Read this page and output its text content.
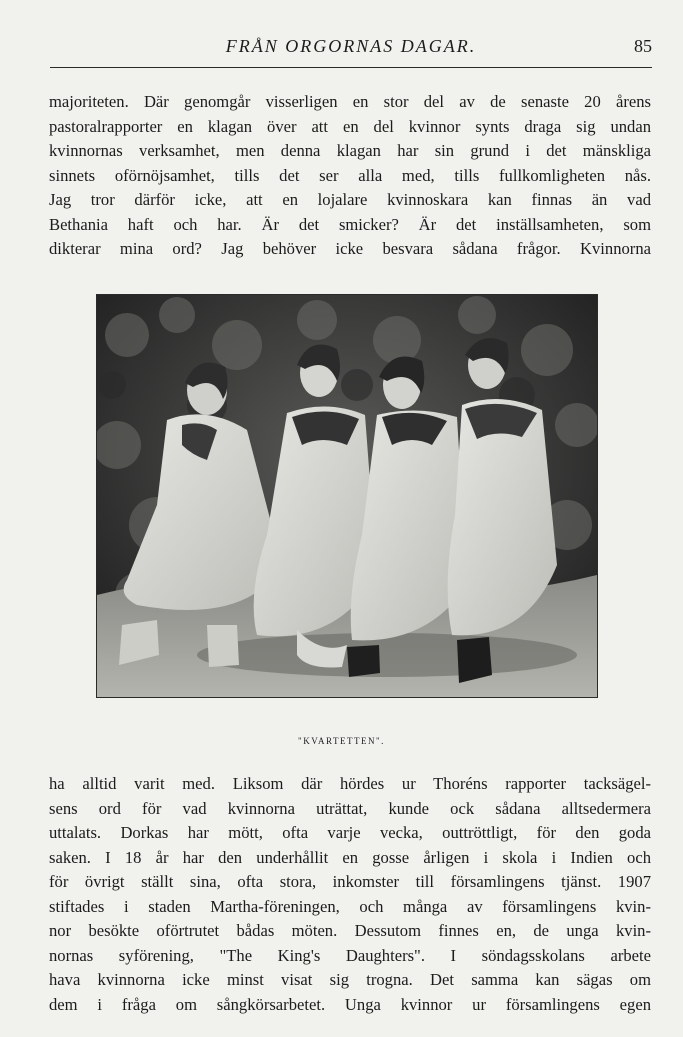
FRÅN ORGORNAS DAGAR.	85
majoriteten. Där genomgår visserligen en stor del av de senaste 20 årens
pastoralrapporter en klagan över att en del kvinnor synts draga sig undan
kvinnornas verksamhet, men denna klagan har sin grund i det mänskliga
sinnets oförnöjsamhet, tills det ser alla med, tills fullkomligheten nås.
Jag tror därför icke, att en lojalare kvinnoskara kan finnas än vad
Bethania haft och har. Är det smicker? Är det inställsamheten, som
dikterar mina ord? Jag behöver icke besvara sådana frågor. Kvinnorna
"KVARTETTEN".
ha alltid varit med. Liksom där hördes ur Thoréns rapporter tacksägel-
sens ord för vad kvinnorna uträttat, kunde ock sådana alltsedermera
uttalats. Dorkas har mött, ofta varje vecka, outtröttligt, för den goda
saken. I 18 år har den underhållit en gosse årligen i skola i Indien och
för övrigt ställt sina, ofta stora, inkomster till församlingens tjänst. 1907
stiftades i staden Martha-föreningen, och många av församlingens kvin-
nor besökte oförtrutet bådas möten. Dessutom finnes en, de unga kvin-
nornas syförening, "The King's Daughters". I söndagsskolans arbete
hava kvinnorna icke minst visat sig trogna. Det samma kan sägas om
dem i fråga om sångkörsarbetet. Unga kvinnor ur församlingens egen
